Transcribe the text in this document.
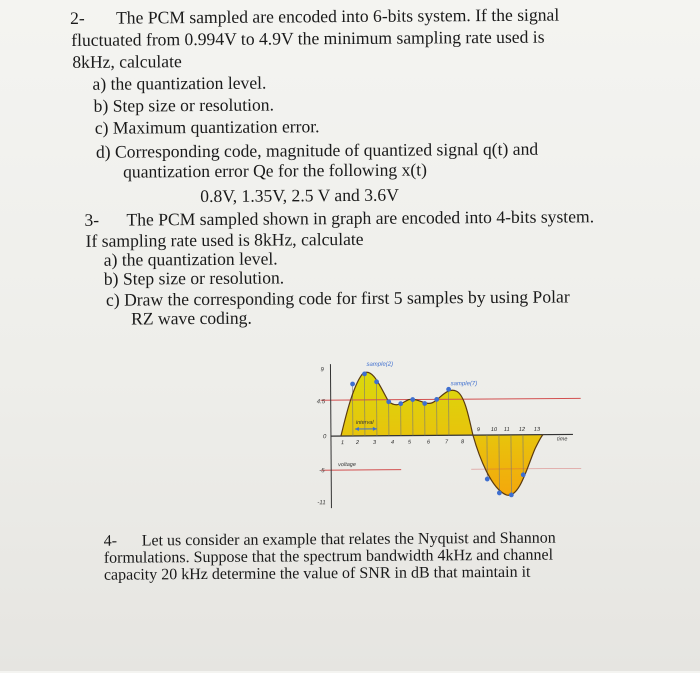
2- The PCM sampled are encoded into 6-bits system. If the signal
fluctuated from 0.994V to 4.9V the minimum sampling rate used is
8kHz, calculate
a) the quantization level.
b) Step size or resolution.
c) Maximum quantization error.
d) Corresponding code, magnitude of quantized signal q(t) and
quantization error Qe for the following x(t)
0.8V, 1.35V, 2.5 V and 3.6V
3- The PCM sampled shown in graph are encoded into 4-bits system.
If sampling rate used is 8kHz, calculate
a) the quantization level.
b) Step size or resolution.
c) Draw the corresponding code for first 5 samples by using Polar
RZ wave coding.
9
4.5
0
-5
-11
1 2	3	4	5	6	7 8
9 10 11 12 13
sample(2)
sample(7)
interval
voltage
time
4- Let us consider an example that relates the Nyquist and Shannon
formulations. Suppose that the spectrum bandwidth 4kHz and channel
capacity 20 kHz determine the value of SNR in dB that maintain it
